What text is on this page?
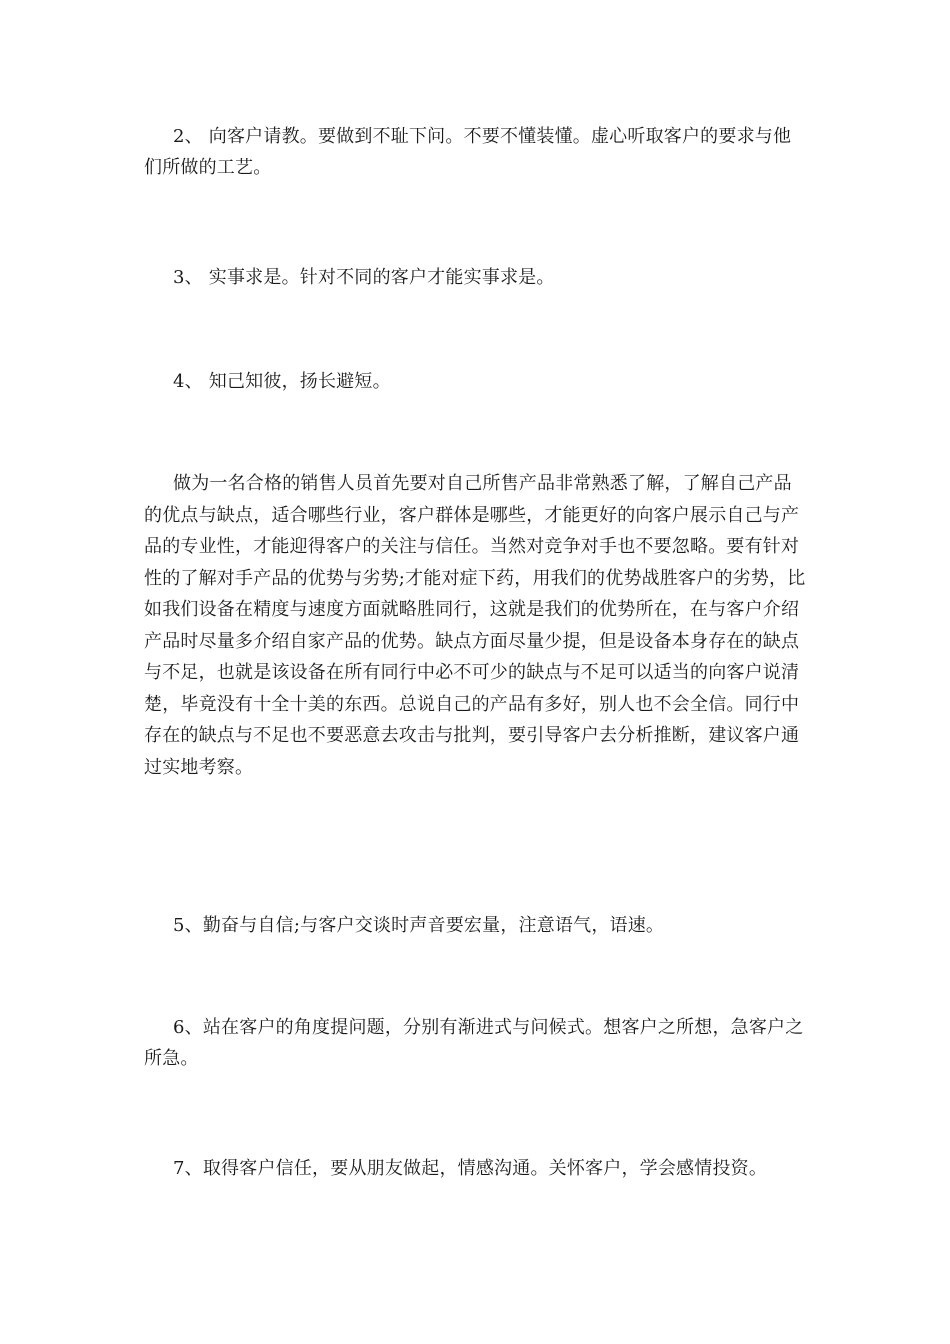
2、 向客户请教。要做到不耻下问。不要不懂装懂。虚心听取客户的要求与他们所做的工艺。

3、 实事求是。针对不同的客户才能实事求是。

4、 知己知彼，扬长避短。

做为一名合格的销售人员首先要对自己所售产品非常熟悉了解，了解自己产品的优点与缺点，适合哪些行业，客户群体是哪些，才能更好的向客户展示自己与产品的专业性，才能迎得客户的关注与信任。当然对竞争对手也不要忽略。要有针对性的了解对手产品的优势与劣势;才能对症下药，用我们的优势战胜客户的劣势，比如我们设备在精度与速度方面就略胜同行，这就是我们的优势所在，在与客户介绍产品时尽量多介绍自家产品的优势。缺点方面尽量少提，但是设备本身存在的缺点与不足，也就是该设备在所有同行中必不可少的缺点与不足可以适当的向客户说清楚，毕竟没有十全十美的东西。总说自己的产品有多好，别人也不会全信。同行中存在的缺点与不足也不要恶意去攻击与批判，要引导客户去分析推断，建议客户通过实地考察。

5、勤奋与自信;与客户交谈时声音要宏量，注意语气，语速。

6、站在客户的角度提问题，分别有渐进式与问候式。想客户之所想，急客户之所急。

7、取得客户信任，要从朋友做起，情感沟通。关怀客户，学会感情投资。
